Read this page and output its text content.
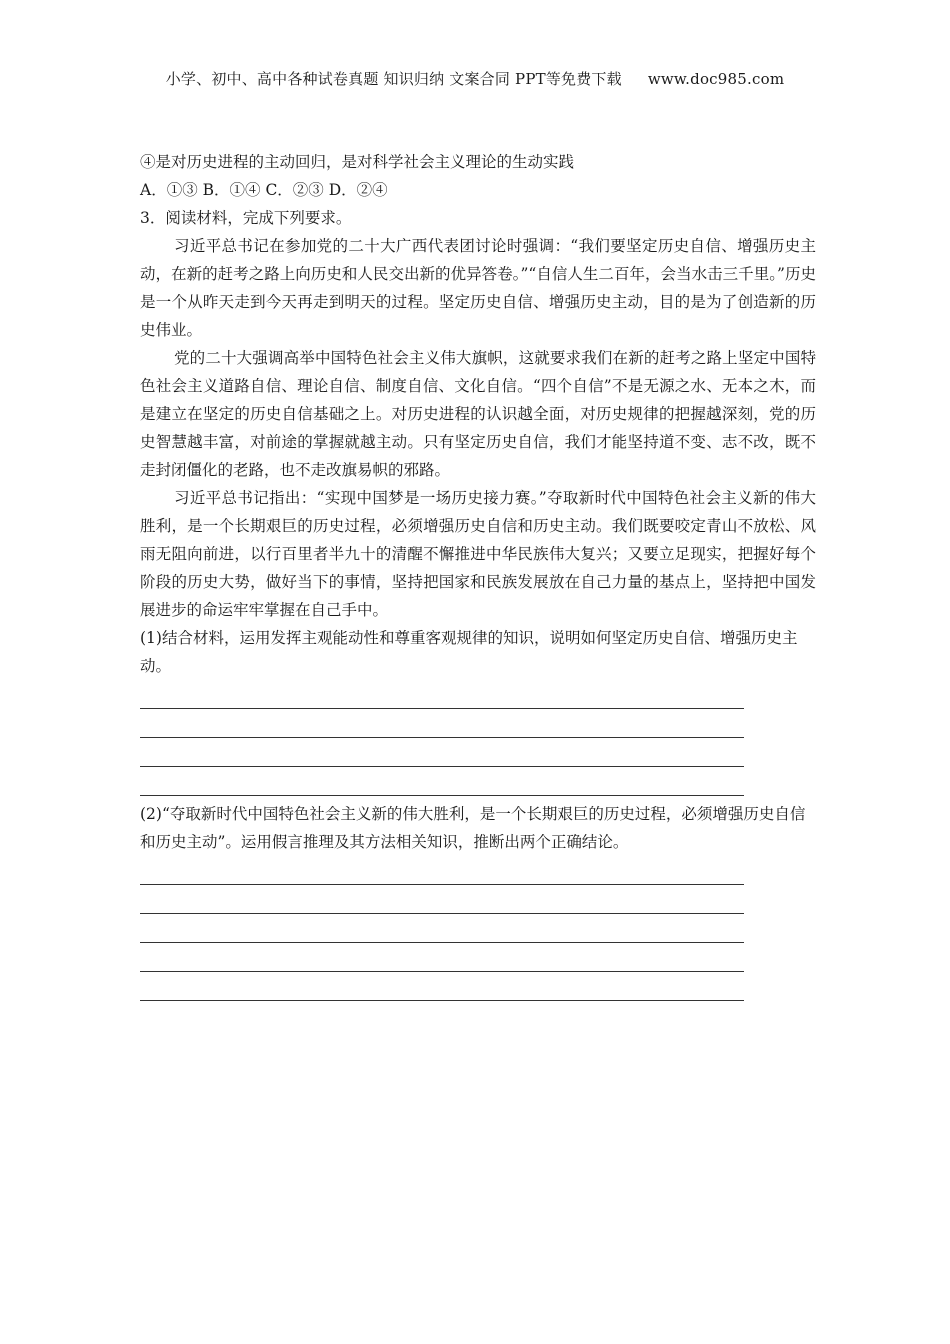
小学、初中、高中各种试卷真题 知识归纳 文案合同 PPT等免费下载 www.doc985.com
④是对历史进程的主动回归，是对科学社会主义理论的生动实践
A．①③ B．①④ C．②③ D．②④
3．阅读材料，完成下列要求。

习近平总书记在参加党的二十大广西代表团讨论时强调：“我们要坚定历史自信、增强历史主动，在新的赶考之路上向历史和人民交出新的优异答卷。”“自信人生二百年，会当水击三千里。”历史是一个从昨天走到今天再走到明天的过程。坚定历史自信、增强历史主动，目的是为了创造新的历史伟业。

党的二十大强调高举中国特色社会主义伟大旗帜，这就要求我们在新的赶考之路上坚定中国特色社会主义道路自信、理论自信、制度自信、文化自信。“四个自信”不是无源之水、无本之木，而是建立在坚定的历史自信基础之上。对历史进程的认识越全面，对历史规律的把握越深刻，党的历史智慧越丰富，对前途的掌握就越主动。只有坚定历史自信，我们才能坚持道不变、志不改，既不走封闭僵化的老路，也不走改旗易帜的邪路。

习近平总书记指出：“实现中国梦是一场历史接力赛。”夺取新时代中国特色社会主义新的伟大胜利，是一个长期艰巨的历史过程，必须增强历史自信和历史主动。我们既要咬定青山不放松、风雨无阻向前进，以行百里者半九十的清醒不懈推进中华民族伟大复兴；又要立足现实，把握好每个阶段的历史大势，做好当下的事情，坚持把国家和民族发展放在自己力量的基点上，坚持把中国发展进步的命运牢牢掌握在自己手中。

(1)结合材料，运用发挥主观能动性和尊重客观规律的知识，说明如何坚定历史自信、增强历史主动。

(2)“夺取新时代中国特色社会主义新的伟大胜利，是一个长期艰巨的历史过程，必须增强历史自信和历史主动”。运用假言推理及其方法相关知识，推断出两个正确结论。
